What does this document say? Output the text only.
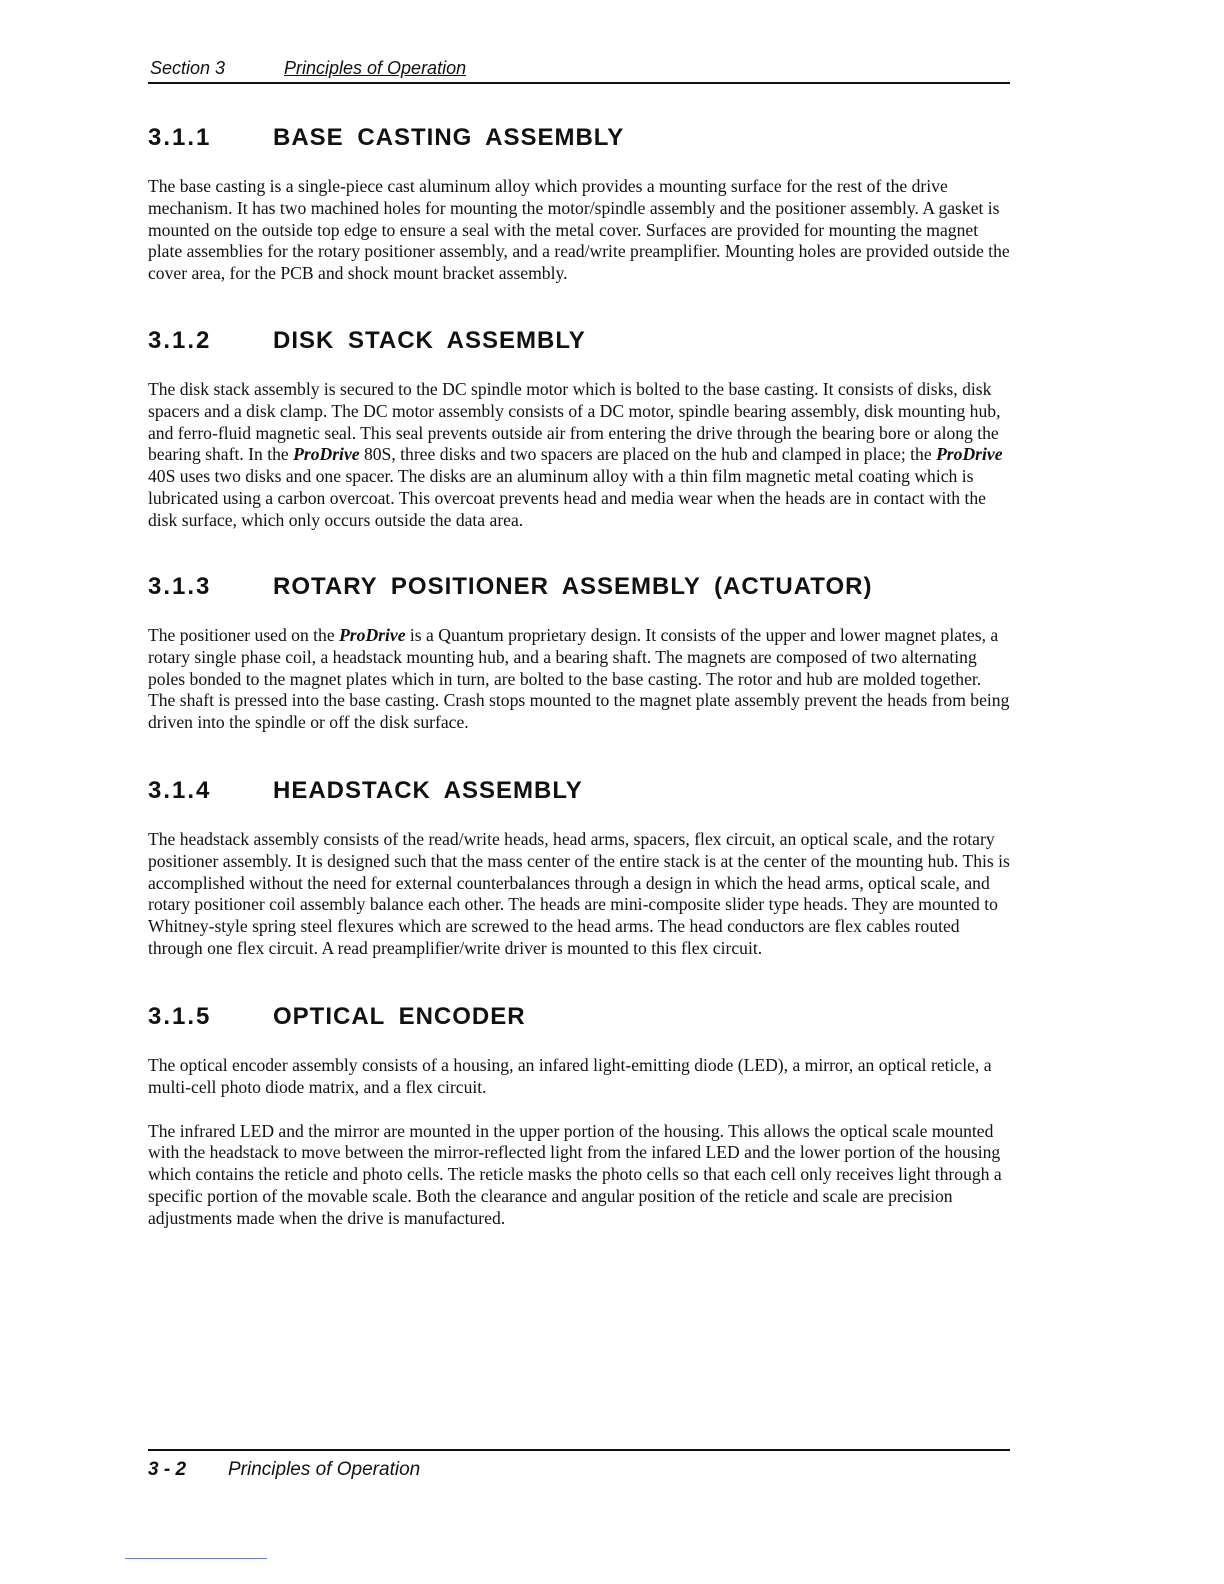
Section 3	Principles of Operation
3.1.1	BASE CASTING ASSEMBLY

The base casting is a single-piece cast aluminum alloy which provides a mounting surface for the rest of the drive mechanism. It has two machined holes for mounting the motor/spindle assembly and the positioner assembly. A gasket is mounted on the outside top edge to ensure a seal with the metal cover. Surfaces are provided for mounting the magnet plate assemblies for the rotary positioner assembly, and a read/write preamplifier. Mounting holes are provided outside the cover area, for the PCB and shock mount bracket assembly.

3.1.2	DISK STACK ASSEMBLY

The disk stack assembly is secured to the DC spindle motor which is bolted to the base casting. It consists of disks, disk spacers and a disk clamp. The DC motor assembly consists of a DC motor, spindle bearing assembly, disk mounting hub, and ferro-fluid magnetic seal. This seal prevents outside air from entering the drive through the bearing bore or along the bearing shaft. In the ProDrive 80S, three disks and two spacers are placed on the hub and clamped in place; the ProDrive 40S uses two disks and one spacer. The disks are an aluminum alloy with a thin film magnetic metal coating which is lubricated using a carbon overcoat. This overcoat prevents head and media wear when the heads are in contact with the disk surface, which only occurs outside the data area.

3.1.3	ROTARY POSITIONER ASSEMBLY (ACTUATOR)

The positioner used on the ProDrive is a Quantum proprietary design. It consists of the upper and lower magnet plates, a rotary single phase coil, a headstack mounting hub, and a bearing shaft. The magnets are composed of two alternating poles bonded to the magnet plates which in turn, are bolted to the base casting. The rotor and hub are molded together. The shaft is pressed into the base casting. Crash stops mounted to the magnet plate assembly prevent the heads from being driven into the spindle or off the disk surface.

3.1.4	HEADSTACK ASSEMBLY

The headstack assembly consists of the read/write heads, head arms, spacers, flex circuit, an optical scale, and the rotary positioner assembly. It is designed such that the mass center of the entire stack is at the center of the mounting hub. This is accomplished without the need for external counterbalances through a design in which the head arms, optical scale, and rotary positioner coil assembly balance each other. The heads are mini-composite slider type heads. They are mounted to Whitney-style spring steel flexures which are screwed to the head arms. The head conductors are flex cables routed through one flex circuit. A read preamplifier/write driver is mounted to this flex circuit.

3.1.5	OPTICAL ENCODER

The optical encoder assembly consists of a housing, an infared light-emitting diode (LED), a mirror, an optical reticle, a multi-cell photo diode matrix, and a flex circuit.

The infrared LED and the mirror are mounted in the upper portion of the housing. This allows the optical scale mounted with the headstack to move between the mirror-reflected light from the infared LED and the lower portion of the housing which contains the reticle and photo cells. The reticle masks the photo cells so that each cell only receives light through a specific portion of the movable scale. Both the clearance and angular position of the reticle and scale are precision adjustments made when the drive is manufactured.

3 - 2 Principles of Operation
